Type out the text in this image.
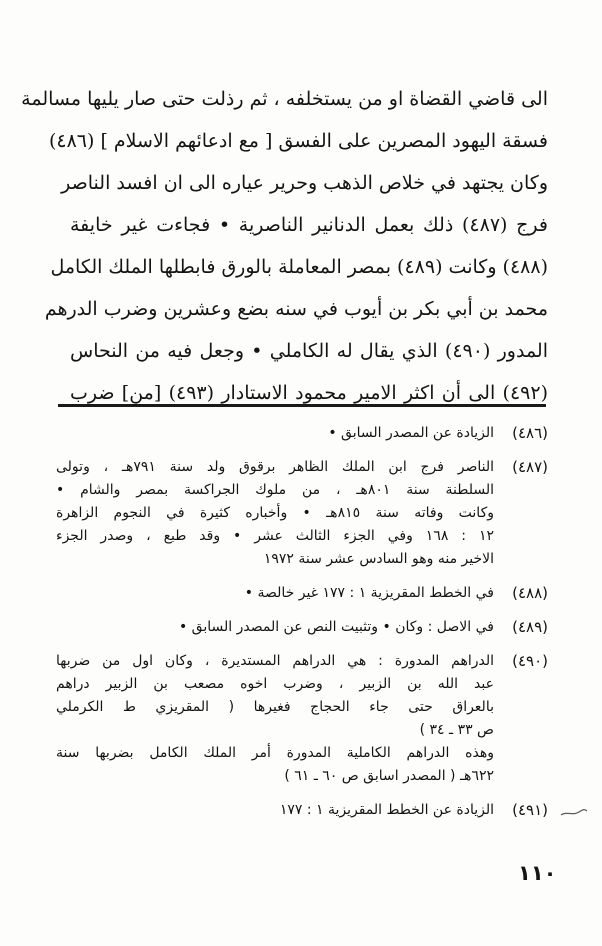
الى قاضي القضاة او من يستخلفه ، ثم رذلت حتى صار يليها مسالمة
فسقة اليهود المصرين على الفسق [ مع ادعائهم الاسلام ] (٤٨٦)
وكان يجتهد في خلاص الذهب وحرير عياره الى ان افسد الناصر
فرج (٤٨٧) ذلك بعمل الدنانير الناصرية • فجاءت غير خايفة
(٤٨٨) وكانت (٤٨٩) بمصر المعاملة بالورق فابطلها الملك الكامل
محمد بن أبي بكر بن أيوب في سنه بضع وعشرين وضرب الدرهم
المدور (٤٩٠) الذي يقال له الكاملي • وجعل فيه من النحاس
(٤٩٢) الى أن اكثر الامير محمود الاستادار (٤٩٣) [من] ضرب
(٤٨٦)
الزيادة عن المصدر السابق •
(٤٨٧)
الناصر فرج ابن الملك الظاهر برقوق ولد سنة ٧٩١هـ ، وتولى
السلطنة سنة ٨٠١هـ ، من ملوك الجراكسة بمصر والشام •
وكانت وفاته سنة ٨١٥هـ • وأخباره كثيرة في النجوم الزاهرة
١٢ : ١٦٨ وفي الجزء الثالث عشر • وقد طبع ، وصدر الجزء
الاخير منه وهو السادس عشر سنة ١٩٧٢
(٤٨٨)
في الخطط المقريزية ١ : ١٧٧ غير خالصة •
(٤٨٩)
في الاصل : وكان • وتثبيت النص عن المصدر السابق •
(٤٩٠)
الدراهم المدورة : هي الدراهم المستديرة ، وكان اول من ضربها
عبد الله بن الزبير ، وضرب اخوه مصعب بن الزبير دراهم
بالعراق حتى جاء الحجاج فغيرها ( المقريزي ط الكرملي
ص ٣٣ ـ ٣٤ )
وهذه الدراهم الكاملية المدورة أمر الملك الكامل بضربها سنة
٦٢٢هـ ( المصدر اسابق ص ٦٠ ـ ٦١ )
(٤٩١)
الزيادة عن الخطط المقريزية ١ : ١٧٧
١١٠
